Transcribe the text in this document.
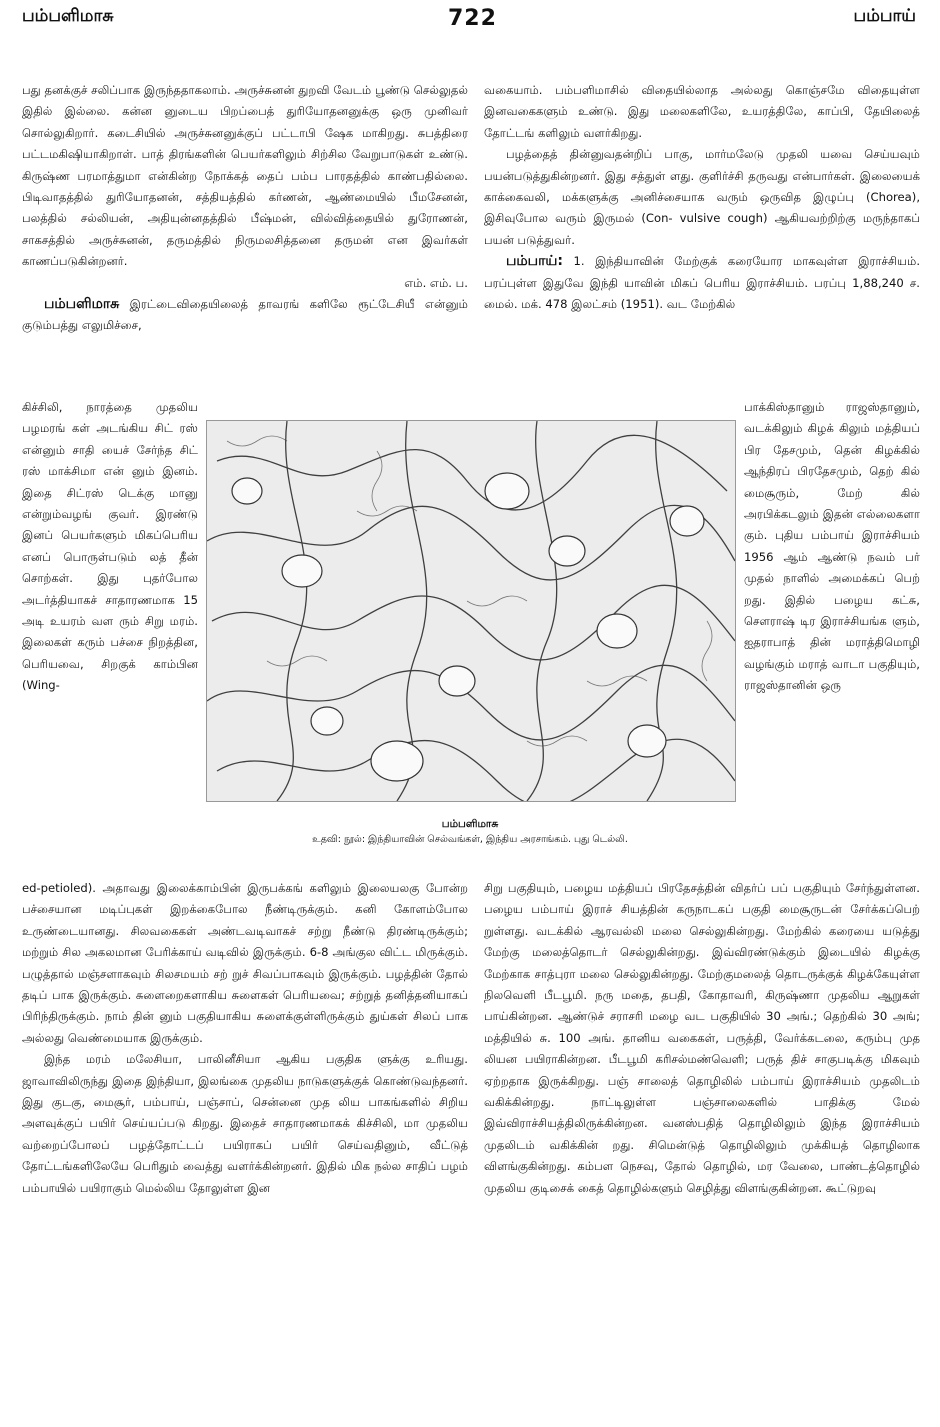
பம்பளிமாசு	722	பம்பாய்

பது தனக்குச் சலிப்பாக இருந்ததாகலாம். அருச்சுனன் துறவி வேடம் பூண்டு செல்லுதல் இதில் இல்லை. கன்ன னுடைய பிறப்பைத் துரியோதனனுக்கு ஒரு முனிவர் சொல்லுகிறார். கடைசியில் அருச்சுனனுக்குப் பட்டாபி ஷேக மாகிறது. சுபத்திரை பட்டமகிஷியாகிறாள். பாத் திரங்களின் பெயர்களிலும் சிற்சில வேறுபாடுகள் உண்டு. கிருஷ்ண பரமாத்துமா என்கின்ற நோக்கத் தைப் பம்ப பாரதத்தில் காண்பதில்லை. பிடிவாதத்தில் துரியோதனன், சத்தியத்தில் கர்ணன், ஆண்மையில் பீமசேனன், பலத்தில் சல்லியன், அதியுன்னதத்தில் பீஷ்மன், வில்வித்தையில் துரோணன், சாகசத்தில் அருச்சுனன், தருமத்தில் நிருமலசித்தனை தருமன் என இவர்கள் காணப்படுகின்றனர்.

எம். எம். ப.

பம்பளிமாசு இரட்டைவிதையிலைத் தாவரங் களிலே ரூட்டேசியீ என்னும் குடும்பத்து எலுமிச்சை,

கிச்சிலி, நாரத்தை முதலிய பழமரங் கள் அடங்கிய சிட் ரஸ் என்னும் சாதி யைச் சேர்ந்த சிட் ரஸ் மாக்சிமா என் னும் இனம். இதை சிட்ரஸ் டெக்கு மானு என்றும்வழங் குவர். இரண்டு இனப் பெயர்களும் மிகப்பெரிய எனப் பொருள்படும் லத் தீன் சொற்கள். இது புதர்போல அடர்த்தியாகச் சாதாரணமாக 15 அடி உயரம் வள ரும் சிறு மரம். இலைகள் கரும் பச்சை நிறத்தின, பெரியவை, சிறகுக் காம்பின (Wing-

ed-petioled). அதாவது இலைக்காம்பின் இருபக்கங் களிலும் இலையலகு போன்ற பச்சையான மடிப்புகள் இறக்கைபோல நீண்டிருக்கும். கனி கோளம்போல உருண்டையானது. சிலவகைகள் அண்டவடிவாகச் சற்று நீண்டு திரண்டிருக்கும்; மற்றும் சில அகலமான பேரிக்காய் வடிவில் இருக்கும். 6-8 அங்குல விட்ட மிருக்கும். பழுத்தால் மஞ்சளாகவும் சிலசமயம் சற் றுச் சிவப்பாகவும் இருக்கும். பழத்தின் தோல் தடிப் பாக இருக்கும். சுளைறைகளாகிய சுளைகள் பெரியவை; சற்றுத் தனித்தனியாகப் பிரிந்திருக்கும். நாம் தின் னும் பகுதியாகிய சுளைக்குள்ளிருக்கும் துய்கள் சிலப் பாக அல்லது வெண்மையாக இருக்கும்.

இந்த மரம் மலேசியா, பாலினீசியா ஆகிய பகுதிக ளுக்கு உரியது. ஜாவாவிலிருந்து இதை இந்தியா, இலங்கை முதலிய நாடுகளுக்குக் கொண்டுவந்தனர். இது குடகு, மைசூர், பம்பாய், பஞ்சாப், சென்னை முத லிய பாகங்களில் சிறிய அளவுக்குப் பயிர் செய்யப்படு கிறது. இதைச் சாதாரணமாகக் கிச்சிலி, மா முதலிய வற்றைப்போலப் பழத்தோட்டப் பயிராகப் பயிர் செய்வதினும், வீட்டுத் தோட்டங்களிலேயே பெரிதும் வைத்து வளர்க்கின்றனர். இதில் மிக நல்ல சாதிப் பழம் பம்பாயில் பயிராகும் மெல்லிய தோலுள்ள இன

வகையாம். பம்பளிமாசில் விதையில்லாத அல்லது கொஞ்சமே விதையுள்ள இனவகைகளும் உண்டு. இது மலைகளிலே, உயரத்திலே, காப்பி, தேயிலைத் தோட்டங் களிலும் வளர்கிறது.

பழத்தைத் தின்னுவதன்றிப் பாகு, மார்மலேடு முதலி யவை செய்யவும் பயன்படுத்துகின்றனர். இது சத்துள் ளது. குளிர்ச்சி தருவது என்பார்கள். இலையைக் காக்கைவலி, மக்களுக்கு அனிச்சையாக வரும் ஒருவித இழுப்பு (Chorea), இசிவுபோல வரும் இருமல் (Con- vulsive cough) ஆகியவற்றிற்கு மருந்தாகப் பயன் படுத்துவர்.

பம்பாய்: 1. இந்தியாவின் மேற்குக் கரையோர மாகவுள்ள இராச்சியம். பரப்புள்ள இதுவே இந்தி யாவின் மிகப் பெரிய இராச்சியம். பரப்பு 1,88,240 ச. மைல். மக். 478 இலட்சம் (1951). வட மேற்கில்

பாக்கிஸ்தானும் ராஜஸ்தானும், வடக்கிலும் கிழக் கிலும் மத்தியப் பிர தேசமும், தென் கிழக்கில் ஆந்திரப் பிரதேசமும், தெற் கில் மைசூரும், மேற் கில் அரபிக்கடலும் இதன் எல்லைகளா கும். புதிய பம்பாய் இராச்சியம் 1956 ஆம் ஆண்டு நவம் பர் முதல் நாளில் அமைக்கப் பெற் றது. இதில் பழைய கட்சு, சௌராஷ் டிர இராச்சியங்க ளும், ஐதராபாத் தின் மராத்திமொழி வழங்கும் மராத் வாடா பகுதியும், ராஜஸ்தானின் ஒரு

சிறு பகுதியும், பழைய மத்தியப் பிரதேசத்தின் விதர்ப் பப் பகுதியும் சேர்ந்துள்ளன. பழைய பம்பாய் இராச் சியத்தின் கருநாடகப் பகுதி மைசூருடன் சேர்க்கப்பெற் றுள்ளது. வடக்கில் ஆரவல்லி மலை செல்லுகின்றது. மேற்கில் கரையை யடுத்து மேற்கு மலைத்தொடர் செல்லுகின்றது. இவ்விரண்டுக்கும் இடையில் கிழக்கு மேற்காக சாத்புரா மலை செல்லுகின்றது. மேற்குமலைத் தொடருக்குக் கிழக்கேயுள்ள நிலவெளி பீடபூமி. நரு மதை, தபதி, கோதாவரி, கிருஷ்ணா முதலிய ஆறுகள் பாய்கின்றன. ஆண்டுச் சராசரி மழை வட பகுதியில் 30 அங்.; தெற்கில் 30 அங்; மத்தியில் சு. 100 அங். தானிய வகைகள், பருத்தி, வேர்க்கடலை, கரும்பு முத லியன பயிராகின்றன. பீடபூமி கரிசல்மண்வெளி; பருத் திச் சாகுபடிக்கு மிகவும் ஏற்றதாக இருக்கிறது. பஞ் சாலைத் தொழிலில் பம்பாய் இராச்சியம் முதலிடம் வகிக்கின்றது. நாட்டிலுள்ள பஞ்சாலைகளில் பாதிக்கு மேல் இவ்விராச்சியத்திலிருக்கின்றன. வனஸ்பதித் தொழிலிலும் இந்த இராச்சியம் முதலிடம் வகிக்கின் றது. சிமென்டுத் தொழிலிலும் முக்கியத் தொழிலாக விளங்குகின்றது. கம்பள நெசவு, தோல் தொழில், மர வேலை, பாண்டத்தொழில் முதலிய குடிசைக் கைத் தொழில்களும் செழித்து விளங்குகின்றன. கூட்டுறவு

பம்பளிமாசு
உதவி: நூல்: இந்தியாவின் செல்வங்கள், இந்திய அரசாங்கம். புது டெல்லி.
